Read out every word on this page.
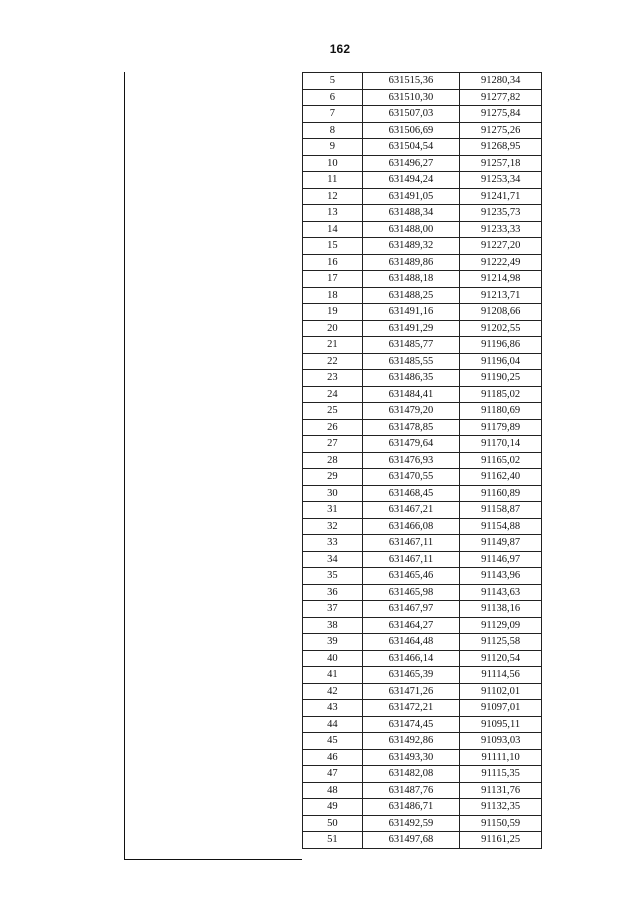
162
5	631515,36	91280,34
6	631510,30	91277,82
7	631507,03	91275,84
8	631506,69	91275,26
9	631504,54	91268,95
10	631496,27	91257,18
11	631494,24	91253,34
12	631491,05	91241,71
13	631488,34	91235,73
14	631488,00	91233,33
15	631489,32	91227,20
16	631489,86	91222,49
17	631488,18	91214,98
18	631488,25	91213,71
19	631491,16	91208,66
20	631491,29	91202,55
21	631485,77	91196,86
22	631485,55	91196,04
23	631486,35	91190,25
24	631484,41	91185,02
25	631479,20	91180,69
26	631478,85	91179,89
27	631479,64	91170,14
28	631476,93	91165,02
29	631470,55	91162,40
30	631468,45	91160,89
31	631467,21	91158,87
32	631466,08	91154,88
33	631467,11	91149,87
34	631467,11	91146,97
35	631465,46	91143,96
36	631465,98	91143,63
37	631467,97	91138,16
38	631464,27	91129,09
39	631464,48	91125,58
40	631466,14	91120,54
41	631465,39	91114,56
42	631471,26	91102,01
43	631472,21	91097,01
44	631474,45	91095,11
45	631492,86	91093,03
46	631493,30	91111,10
47	631482,08	91115,35
48	631487,76	91131,76
49	631486,71	91132,35
50	631492,59	91150,59
51	631497,68	91161,25
